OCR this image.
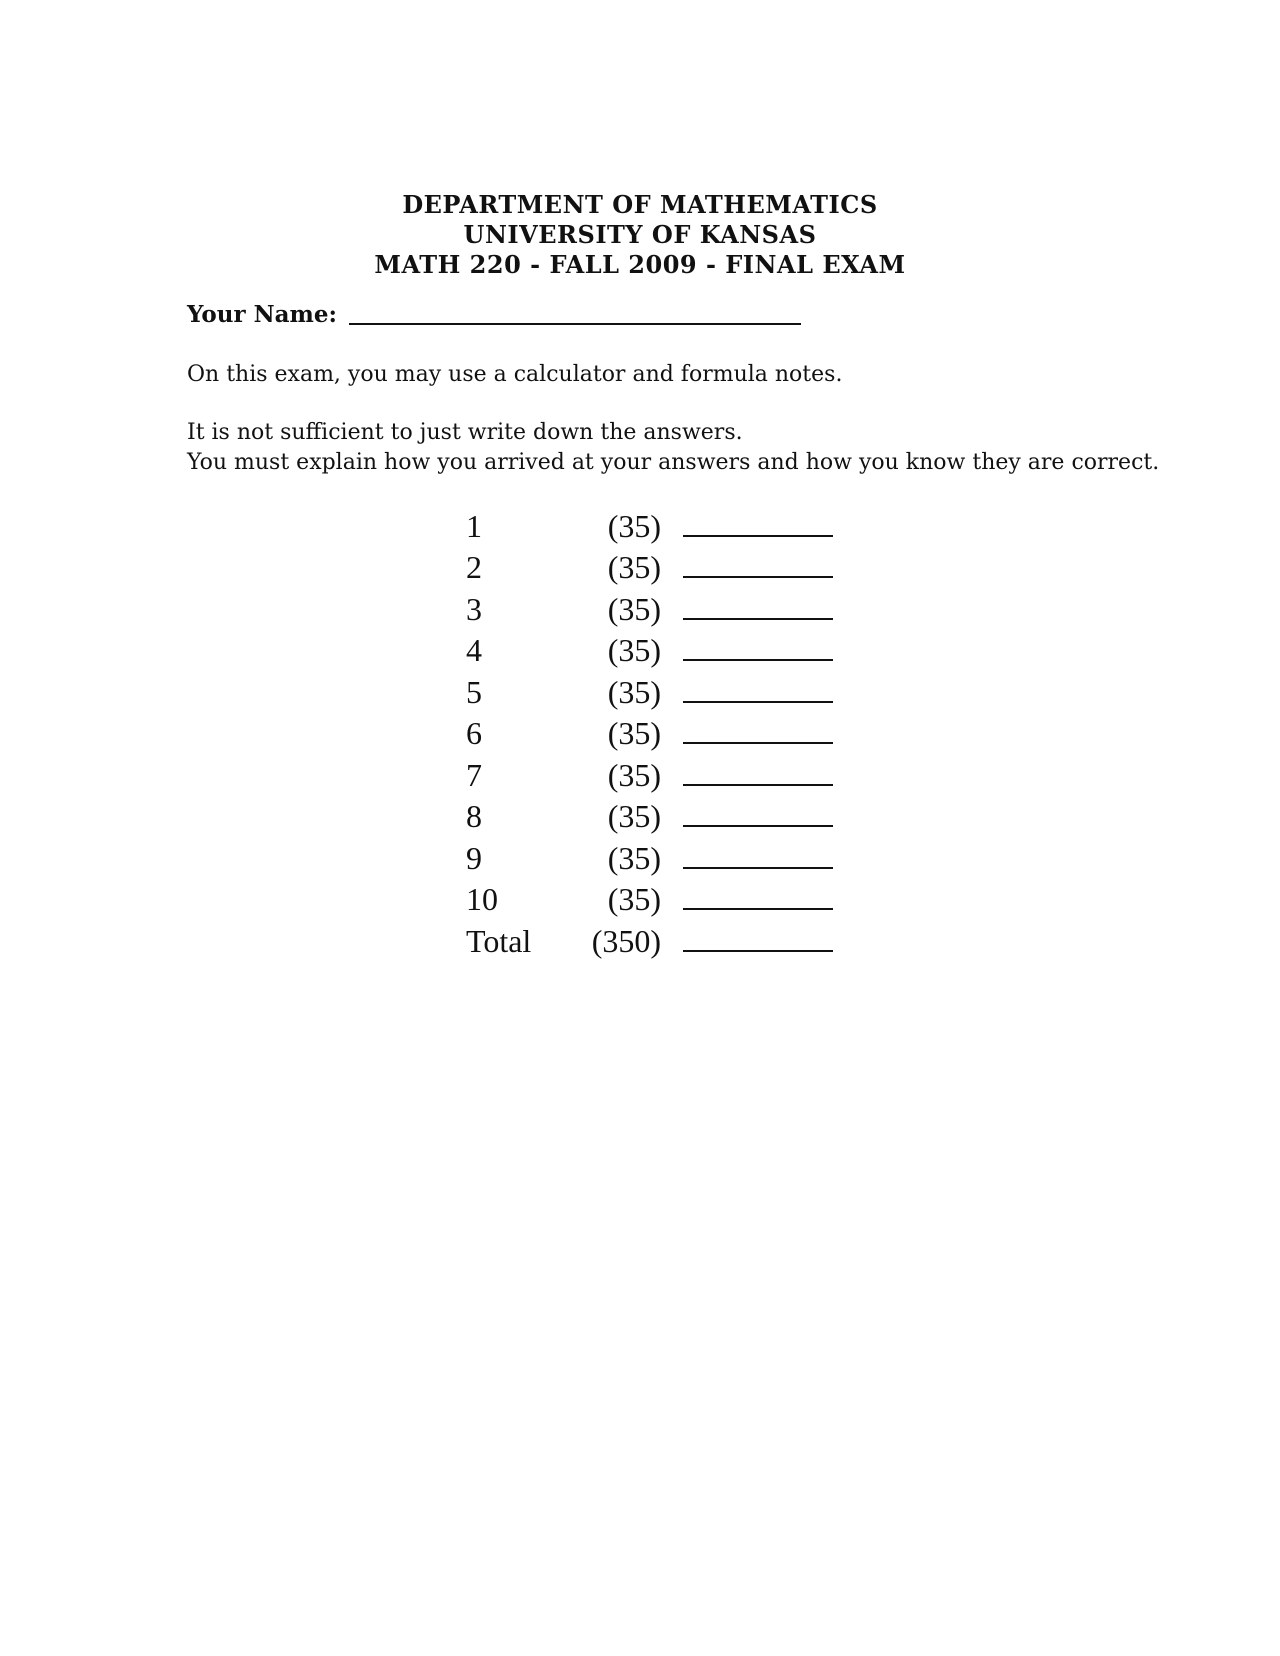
DEPARTMENT OF MATHEMATICS
UNIVERSITY OF KANSAS
MATH 220 - FALL 2009 - FINAL EXAM
Your Name:
On this exam, you may use a calculator and formula notes.
It is not sufficient to just write down the answers.
You must explain how you arrived at your answers and how you know they are correct.
1	(35)
2	(35)
3	(35)
4	(35)
5	(35)
6	(35)
7	(35)
8	(35)
9	(35)
10	(35)
Total	(350)
